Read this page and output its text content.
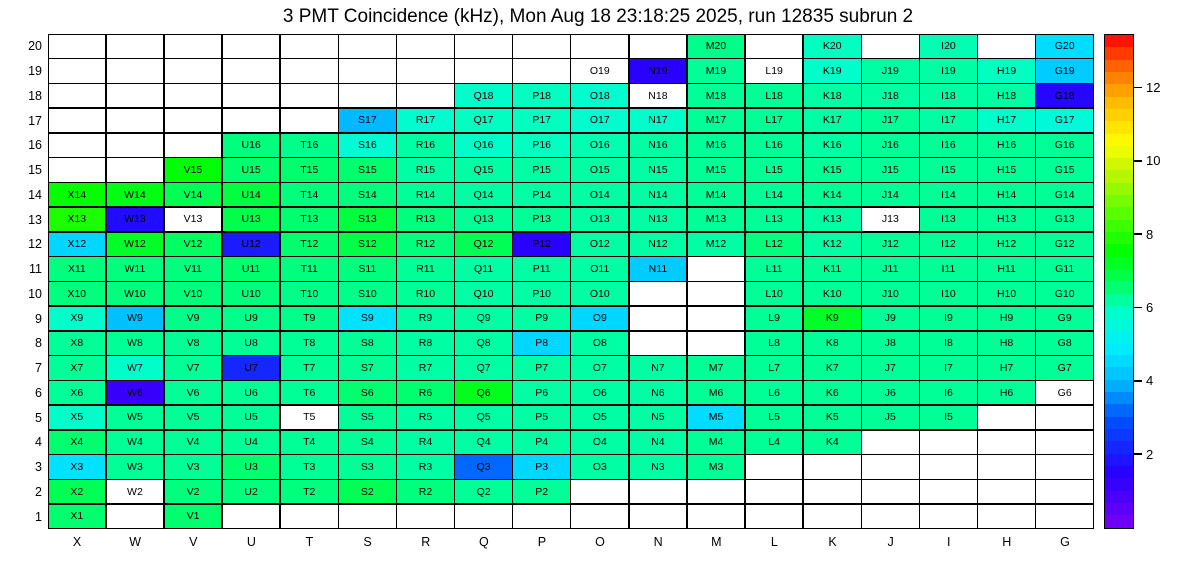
3 PMT Coincidence (kHz), Mon Aug 18 23:18:25 2025, run 12835 subrun 2
20
19
18
17
16
15
14
13
12
11
10
9
8
7
6
5
4
3
2
1
M20	K20	I20	G20
O19	N19	M19	L19	K19	J19	I19	H19	G19
Q18	P18	O18	N18	M18	L18	K18	J18	I18	H18	G18
S17	R17	Q17	P17	O17	N17	M17	L17	K17	J17	I17	H17	G17
U16	T16	S16	R16	Q16	P16	O16	N16	M16	L16	K16	J16	I16	H16	G16
V15	U15	T15	S15	R15	Q15	P15	O15	N15	M15	L15	K15	J15	I15	H15	G15
X14	W14	V14	U14	T14	S14	R14	Q14	P14	O14	N14	M14	L14	K14	J14	I14	H14	G14
X13	W13	V13	U13	T13	S13	R13	Q13	P13	O13	N13	M13	L13	K13	J13	I13	H13	G13
X12	W12	V12	U12	T12	S12	R12	Q12	P12	O12	N12	M12	L12	K12	J12	I12	H12	G12
X11	W11	V11	U11	T11	S11	R11	Q11	P11	O11	N11	L11	K11	J11	I11	H11	G11
X10	W10	V10	U10	T10	S10	R10	Q10	P10	O10	L10	K10	J10	I10	H10	G10
X9	W9	V9	U9	T9	S9	R9	Q9	P9	O9	L9	K9	J9	I9	H9	G9
X8	W8	V8	U8	T8	S8	R8	Q8	P8	O8	L8	K8	J8	I8	H8	G8
X7	W7	V7	U7	T7	S7	R7	Q7	P7	O7	N7	M7	L7	K7	J7	I7	H7	G7
X6	W6	V6	U6	T6	S6	R6	Q6	P6	O6	N6	M6	L6	K6	J6	I6	H6	G6
X5	W5	V5	U5	T5	S5	R5	Q5	P5	O5	N5	M5	L5	K5	J5	I5
X4	W4	V4	U4	T4	S4	R4	Q4	P4	O4	N4	M4	L4	K4
X3	W3	V3	U3	T3	S3	R3	Q3	P3	O3	N3	M3
X2	W2	V2	U2	T2	S2	R2	Q2	P2
X1	V1
X	W	V	U	T	S	R	Q	P	O	N	M	L	K	J	I	H	G
2
4
6
8
10
12
